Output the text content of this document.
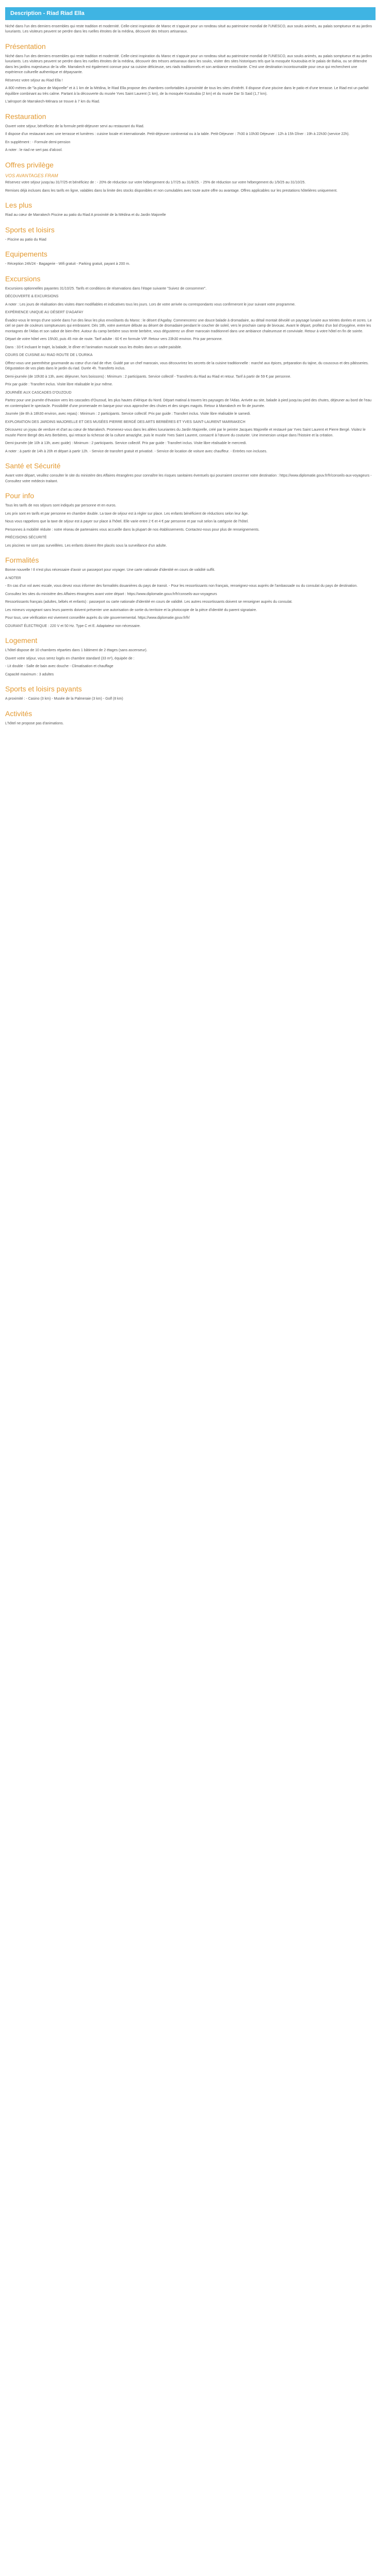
Description - Riad Riad Ella

Niché dans l'un des derniers ensembles qui reste tradition et modernité. Celle-ciest inspiration de Maroc et s'appuie pour un rondeau situé au patrimoine mondial de l'UNESCO, aux souks animés, au palais somptueux et au jardins luxuriants. Les visiteurs peuvent se perdre dans les ruelles étroites de la médina, découvrir des trésors artisanaux.

Présentation

Niché dans l'un des derniers ensembles qui reste tradition et modernité. Celle-ciest inspiration du Maroc et s'appuie pour un rondeau situé au patrimoine mondial de l'UNESCO, aux souks animés, au palais somptueux et au jardins luxuriants. Les visiteurs peuvent se perdre dans les ruelles étroites de la médina, découvrir des trésors artisanaux dans les souks, visiter des sites historiques tels que la mosquée Koutoubia et le palais de Bahia, ou se détendre dans les jardins majestueux de la ville. Marrakech est également connue pour sa cuisine délicieuse, ses riads traditionnels et son ambiance envoûtante. C'est une destination incontournable pour ceux qui recherchent une expérience culturelle authentique et dépaysante.

Réservez votre séjour au Riad Ella !

A 800 mètres de "la place de Majorelle" et à 1 km de la Médina, le Riad Ella propose des chambres confortables à proximité de tous les sites d'intérêt. Il dispose d'une piscine dans le patio et d'une terrasse. Le Riad est un parfait équilibre combinant au très calme. Partant à la découverte du musée Yves Saint Laurent (1 km), de la mosquée Koutoubia (2 km) et du musée Dar Si Said (1,7 km).

L'aéroport de Marrakech-Ménara se trouve à 7 km du Riad.

Restauration

Ouvert votre séjour, bénéficiez de la formule petit-déjeuner servi au restaurant du Riad.

Il dispose d'un restaurant avec une terrasse et lumières : cuisine locale et internationale. Petit-déjeuner continental ou à la table. Petit-Déjeuner : 7h30 à 10h30 Déjeuner : 12h à 15h Dîner : 19h à 22h30 (service 22h).

En supplément : - Formule demi-pension

A noter : le riad ne sert pas d'alcool.

Offres privilège
VOS AVANTAGES FRAM

Réservez votre séjour jusqu'au 31/7/25 et bénéficiez de : - 20% de réduction sur votre hébergement du 1/7/25 au 31/8/25. - 25% de réduction sur votre hébergement du 1/9/25 au 31/10/25.

Remises déjà incluses dans les tarifs en ligne, valables dans la limite des stocks disponibles et non cumulables avec toute autre offre ou avantage. Offres applicables sur les prestations hôtelières uniquement.

Les plus

Riad au cœur de Marrakech Piscine au patio du Riad A proximité de la Médina et du Jardin Majorelle

Sports et loisirs

- Piscine au patio du Riad

Equipements

- Réception 24h/24 - Bagagerie - Wifi gratuit - Parking gratuit, payant à 200 m.

Excursions

Excursions optionnelles payantes 31/10/25. Tarifs et conditions de réservations dans l'étape suivante "Suivez de consommer".

DÉCOUVERTE & EXCURSIONS

A noter : Les jours de réalisation des visites étant modifiables et indicatives tous les jours. Lors de votre arrivée ou correspondants vous confirmeront le jour suivant votre programme.

EXPÉRIENCE UNIQUE AU DÉSERT D'AGAFAY

Évadez-vous le temps d'une soirée dans l'un des lieux les plus envoûtants du Maroc : le désert d'Agafay. Commencerez une douce balade à dromadaire, au détail montait dévoilé un paysage lunaire aux teintes dorées et ocres. Le ciel se pare de couleurs somptueuses qui embrasent. Dès 18h, votre aventure débute au désert de dromadaire pendant le coucher de soleil, vers le prochain camp de bivouac. Avant le départ, profitez d'un bol d'oxygène, entre les montagnes de l'Atlas et son sabot de bien-être. Autour du camp berbère sous tente berbère, vous dégusterez un dîner marocain traditionnel dans une ambiance chaleureuse et conviviale. Retour à votre hôtel en fin de soirée.

Départ de votre hôtel vers 15h30, puis 45 min de route. Tarif adulte : 60 € en formule VIP. Retour vers 23h30 environ. Prix par personne.

Dans : 33 € incluant le trajet, la balade, le dîner et l'animation musicale sous les étoiles dans un cadre paisible.

COURS DE CUISINE AU RIAD ROUTE DE L'OURIKA

Offrez-vous une parenthèse gourmande au cœur d'un riad de rêve. Guidé par un chef marocain, vous découvrirez les secrets de la cuisine traditionnelle : marché aux épices, préparation du tajine, du couscous et des pâtisseries. Dégustation de vos plats dans le jardin du riad. Durée 4h. Transferts inclus.

Demi-journée (de 10h30 à 13h, avec déjeuner, hors boissons) : Minimum : 2 participants. Service collectif - Transferts du Riad au Riad et retour. Tarif à partir de 59 € par personne.

Prix par guide : Transfert inclus. Visite libre réalisable le jour même.

JOURNÉE AUX CASCADES D'OUZOUD

Partez pour une journée d'évasion vers les cascades d'Ouzoud, les plus hautes d'Afrique du Nord. Départ matinal à travers les paysages de l'Atlas. Arrivée au site, balade à pied jusqu'au pied des chutes, déjeuner au bord de l'eau en contemplant le spectacle. Possibilité d'une promenade en barque pour vous approcher des chutes et des singes magots. Retour à Marrakech en fin de journée.

Journée (de 8h à 18h30 environ, avec repas) : Minimum : 2 participants. Service collectif. Prix par guide : Transfert inclus. Visite libre réalisable le samedi.

EXPLORATION DES JARDINS MAJORELLE ET DES MUSÉES PIERRE BERGÉ DES ARTS BERBÈRES ET YVES SAINT-LAURENT MARRAKECH

Découvrez un joyau de verdure et d'art au cœur de Marrakech. Promenez-vous dans les allées luxuriantes du Jardin Majorelle, créé par le peintre Jacques Majorelle et restauré par Yves Saint Laurent et Pierre Bergé. Visitez le musée Pierre Bergé des Arts Berbères, qui retrace la richesse de la culture amazighe, puis le musée Yves Saint Laurent, consacré à l'œuvre du couturier. Une immersion unique dans l'histoire et la création.

Demi-journée (de 10h à 13h, avec guide) : Minimum : 2 participants. Service collectif. Prix par guide : Transfert inclus. Visite libre réalisable le mercredi.

A noter : à partir de 14h à 20h et départ à partir 12h. - Service de transfert gratuit et privatisé. - Service de location de voiture avec chauffeur. - Entrées non incluses.

Santé et Sécurité

Avant votre départ, veuillez consulter le site du ministère des Affaires étrangères pour connaître les risques sanitaires éventuels qui pourraient concerner votre destination : https://www.diplomatie.gouv.fr/fr/conseils-aux-voyageurs - Consultez votre médecin traitant.

Pour info

Tous les tarifs de nos séjours sont indiqués par personne et en euros.

Les prix sont en tarifs et par personne en chambre double. La taxe de séjour est à régler sur place. Les enfants bénéficient de réductions selon leur âge.

Nous vous rappelons que la taxe de séjour est à payer sur place à l'hôtel. Elle varie entre 2 € et 4 € par personne et par nuit selon la catégorie de l'hôtel.

Personnes à mobilité réduite : notre réseau de partenaires vous accueille dans la plupart de nos établissements. Contactez-nous pour plus de renseignements.

PRÉCISIONS SÉCURITÉ

Les piscines ne sont pas surveillées. Les enfants doivent être placés sous la surveillance d'un adulte.

Formalités

Bonne nouvelle ! Il n'est plus nécessaire d'avoir un passeport pour voyager. Une carte nationale d'identité en cours de validité suffit.

A NOTER

- En cas d'un vol avec escale, vous devez vous informer des formalités douanières du pays de transit. - Pour les ressortissants non français, renseignez-vous auprès de l'ambassade ou du consulat du pays de destination.

Consultez les sites du ministère des Affaires étrangères avant votre départ : https://www.diplomatie.gouv.fr/fr/conseils-aux-voyageurs

Ressortissants français (adultes, bébés et enfants) : passeport ou carte nationale d'identité en cours de validité. Les autres ressortissants doivent se renseigner auprès du consulat.

Les mineurs voyageant sans leurs parents doivent présenter une autorisation de sortie du territoire et la photocopie de la pièce d'identité du parent signataire.

Pour tous, une vérification est vivement conseillée auprès du site gouvernemental. https://www.diplomatie.gouv.fr/fr/

COURANT ÉLECTRIQUE : 220 V et 50 Hz. Type C et E. Adaptateur non nécessaire.

Logement

L'hôtel dispose de 10 chambres réparties dans 1 bâtiment de 2 étages (sans ascenseur).

Ouvert votre séjour, vous serez logés en chambre standard (33 m²), équipée de :

- Lit double - Salle de bain avec douche - Climatisation et chauffage

Capacité maximum : 3 adultes

Sports et loisirs payants

A proximité : - Casino (3 km) - Musée de la Palmeraie (3 km) - Golf (8 km)

Activités

L'hôtel ne propose pas d'animations.
